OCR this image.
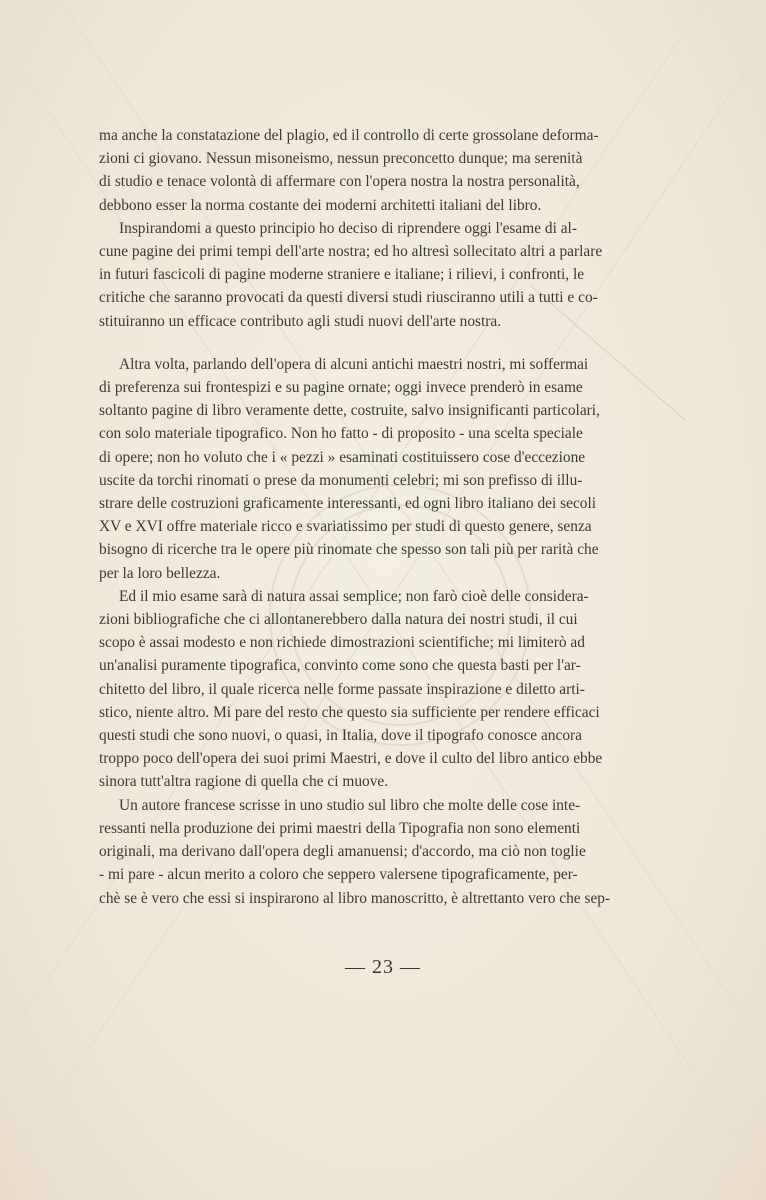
ma anche la constatazione del plagio, ed il controllo di certe grossolane deforma-
zioni ci giovano. Nessun misoneismo, nessun preconcetto dunque; ma serenità
di studio e tenace volontà di affermare con l'opera nostra la nostra personalità,
debbono esser la norma costante dei moderni architetti italiani del libro.
Inspirandomi a questo principio ho deciso di riprendere oggi l'esame di al-
cune pagine dei primi tempi dell'arte nostra; ed ho altresì sollecitato altri a parlare
in futuri fascicoli di pagine moderne straniere e italiane; i rilievi, i confronti, le
critiche che saranno provocati da questi diversi studi riusciranno utili a tutti e co-
stituiranno un efficace contributo agli studi nuovi dell'arte nostra.
Altra volta, parlando dell'opera di alcuni antichi maestri nostri, mi soffermai
di preferenza sui frontespizi e su pagine ornate; oggi invece prenderò in esame
soltanto pagine di libro veramente dette, costruite, salvo insignificanti particolari,
con solo materiale tipografico. Non ho fatto - di proposito - una scelta speciale
di opere; non ho voluto che i « pezzi » esaminati costituissero cose d'eccezione
uscite da torchi rinomati o prese da monumenti celebri; mi son prefisso di illu-
strare delle costruzioni graficamente interessanti, ed ogni libro italiano dei secoli
XV e XVI offre materiale ricco e svariatissimo per studi di questo genere, senza
bisogno di ricerche tra le opere più rinomate che spesso son tali più per rarità che
per la loro bellezza.
Ed il mio esame sarà di natura assai semplice; non farò cioè delle considera-
zioni bibliografiche che ci allontanerebbero dalla natura dei nostri studi, il cui
scopo è assai modesto e non richiede dimostrazioni scientifiche; mi limiterò ad
un'analisi puramente tipografica, convinto come sono che questa basti per l'ar-
chitetto del libro, il quale ricerca nelle forme passate inspirazione e diletto arti-
stico, niente altro. Mi pare del resto che questo sia sufficiente per rendere efficaci
questi studi che sono nuovi, o quasi, in Italia, dove il tipografo conosce ancora
troppo poco dell'opera dei suoi primi Maestri, e dove il culto del libro antico ebbe
sinora tutt'altra ragione di quella che ci muove.
Un autore francese scrisse in uno studio sul libro che molte delle cose inte-
ressanti nella produzione dei primi maestri della Tipografia non sono elementi
originali, ma derivano dall'opera degli amanuensi; d'accordo, ma ciò non toglie
- mi pare - alcun merito a coloro che seppero valersene tipograficamente, per-
chè se è vero che essi si inspirarono al libro manoscritto, è altrettanto vero che sep-
— 23 —
